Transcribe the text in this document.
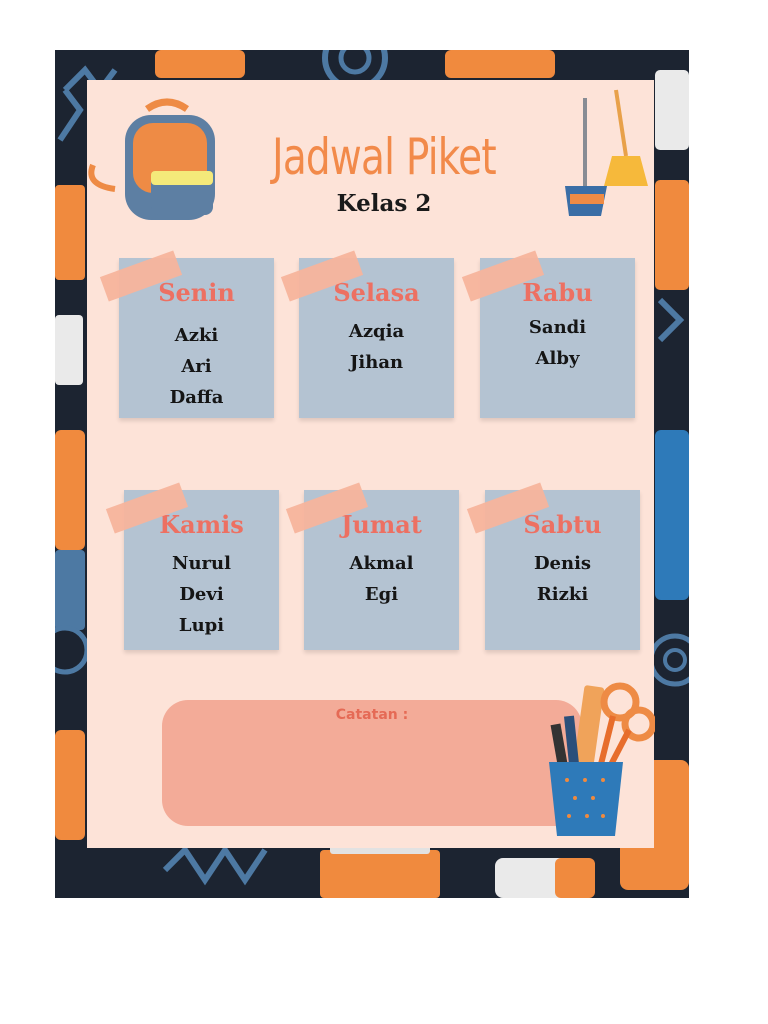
Jadwal Piket
Kelas 2
Senin
Azki
Ari
Daffa
Selasa
Azqia
Jihan
Rabu
Sandi
Alby
Kamis
Nurul
Devi
Lupi
Jumat
Akmal
Egi
Sabtu
Denis
Rizki
Catatan :
